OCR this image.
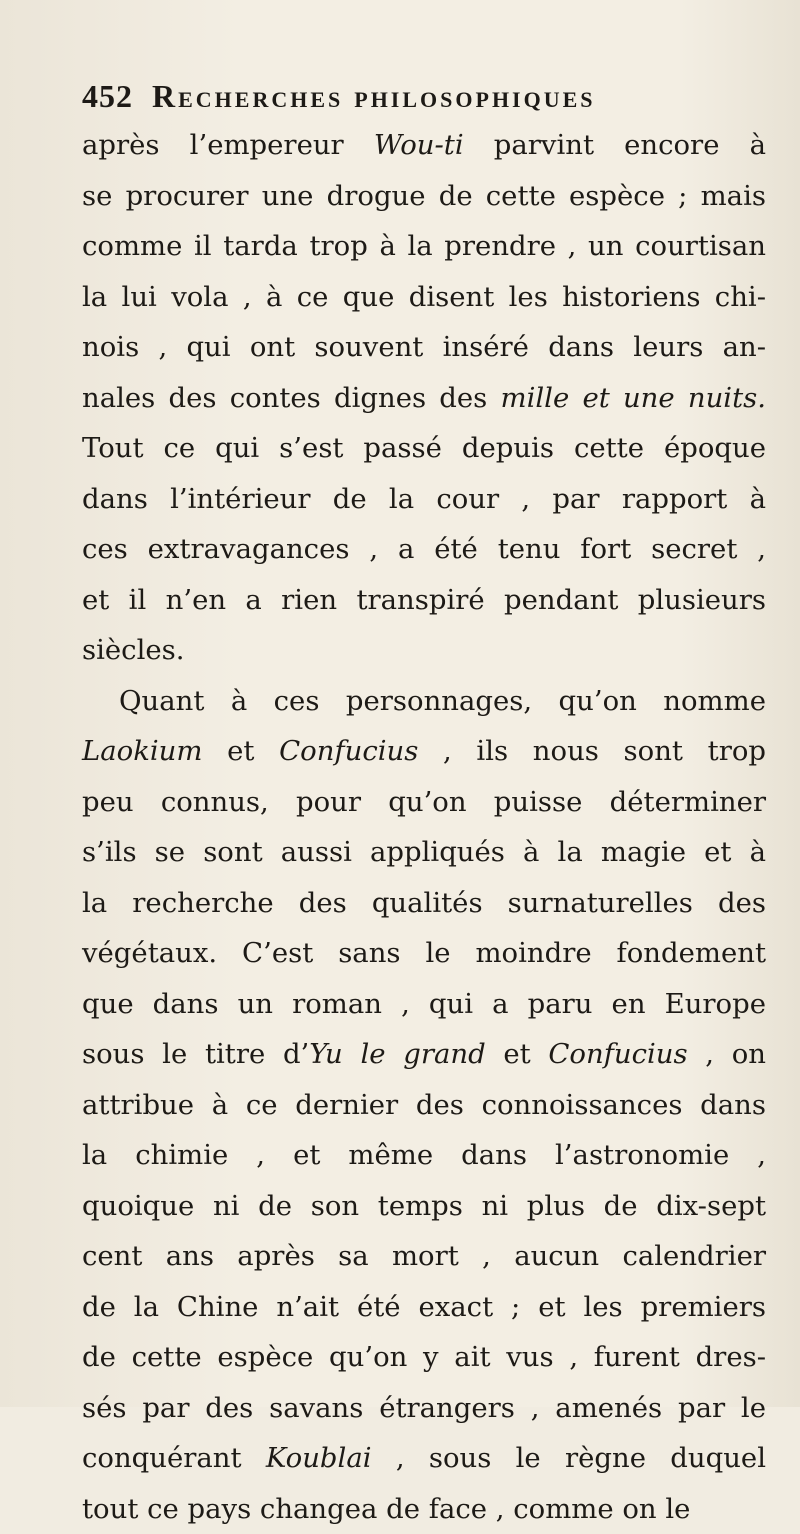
452 Recherches philosophiques
après l’empereur Wou-ti parvint encore à
se procurer une drogue de cette espèce ; mais
comme il tarda trop à la prendre , un courtisan
la lui vola , à ce que disent les historiens chi-
nois , qui ont souvent inséré dans leurs an-
nales des contes dignes des mille et une nuits.
Tout ce qui s’est passé depuis cette époque
dans l’intérieur de la cour , par rapport à
ces extravagances , a été tenu fort secret ,
et il n’en a rien transpiré pendant plusieurs
siècles.
Quant à ces personnages, qu’on nomme
Laokium et Confucius , ils nous sont trop
peu connus, pour qu’on puisse déterminer
s’ils se sont aussi appliqués à la magie et à
la recherche des qualités surnaturelles des
végétaux. C’est sans le moindre fondement
que dans un roman , qui a paru en Europe
sous le titre d’Yu le grand et Confucius , on
attribue à ce dernier des connoissances dans
la chimie , et même dans l’astronomie ,
quoique ni de son temps ni plus de dix-sept
cent ans après sa mort , aucun calendrier
de la Chine n’ait été exact ; et les premiers
de cette espèce qu’on y ait vus , furent dres-
sés par des savans étrangers , amenés par le
conquérant Koublai , sous le règne duquel
tout ce pays changea de face , comme on le
